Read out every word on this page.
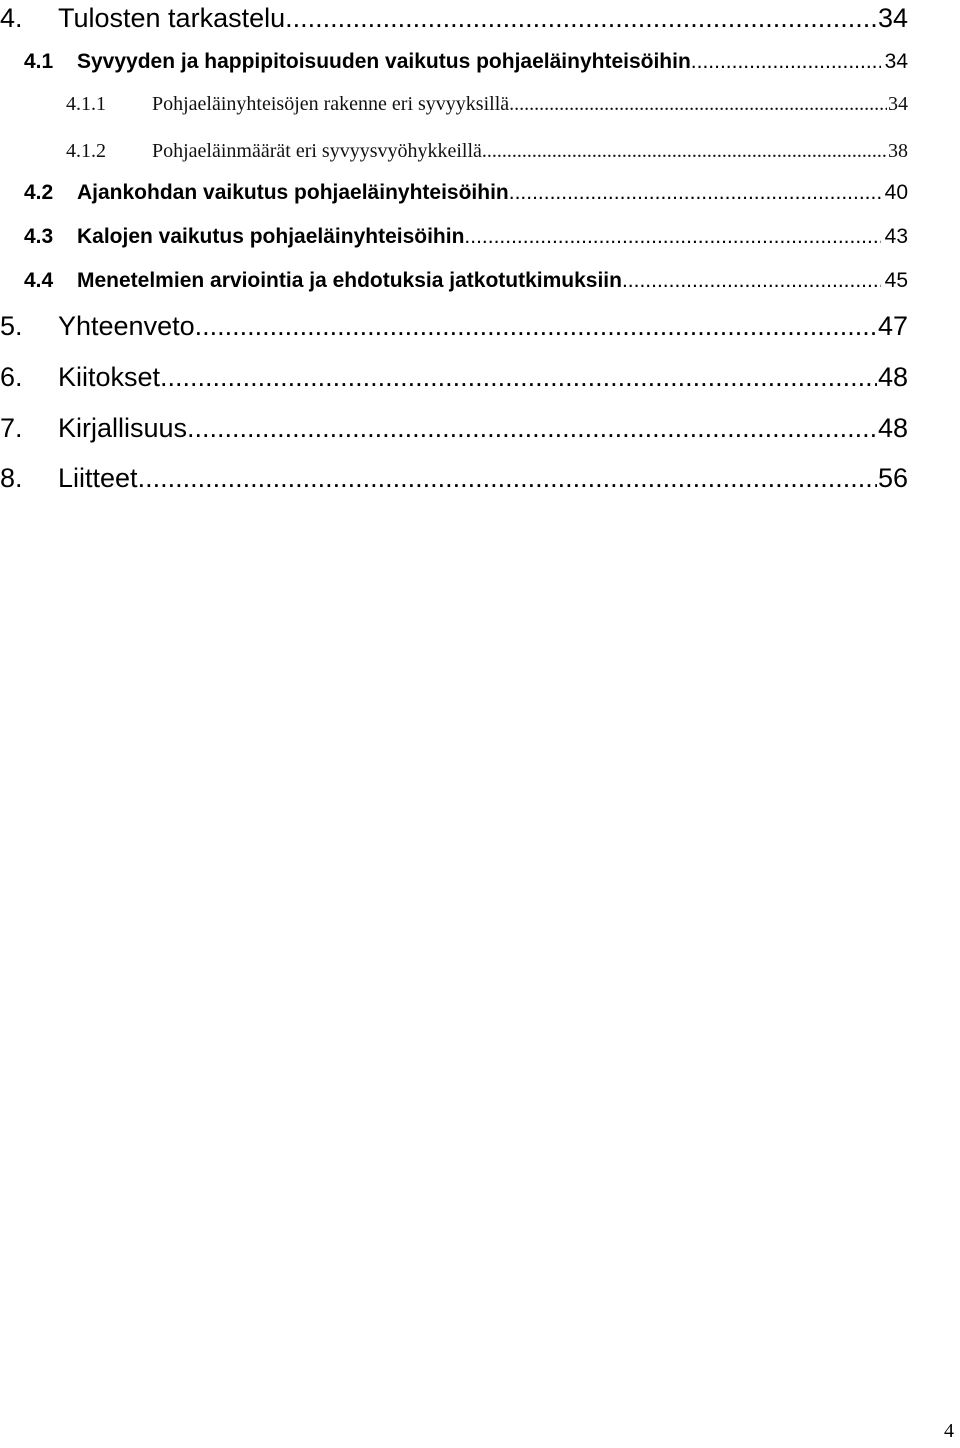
4.	Tulosten tarkastelu .....	34
4.1	Syvyyden ja happipitoisuuden vaikutus pohjaeläinyhteisöihin .....	34
4.1.1	Pohjaeläinyhteisöjen rakenne eri syvyyksillä .....	34
4.1.2	Pohjaeläinmäärät eri syvyysvyöhykkeillä .....	38
4.2	Ajankohdan vaikutus pohjaeläinyhteisöihin .....	40
4.3	Kalojen vaikutus pohjaeläinyhteisöihin .....	43
4.4	Menetelmien arviointia ja ehdotuksia jatkotutkimuksiin .....	45
5.	Yhteenveto .....	47
6.	Kiitokset .....	48
7.	Kirjallisuus .....	48
8.	Liitteet .....	56
4
